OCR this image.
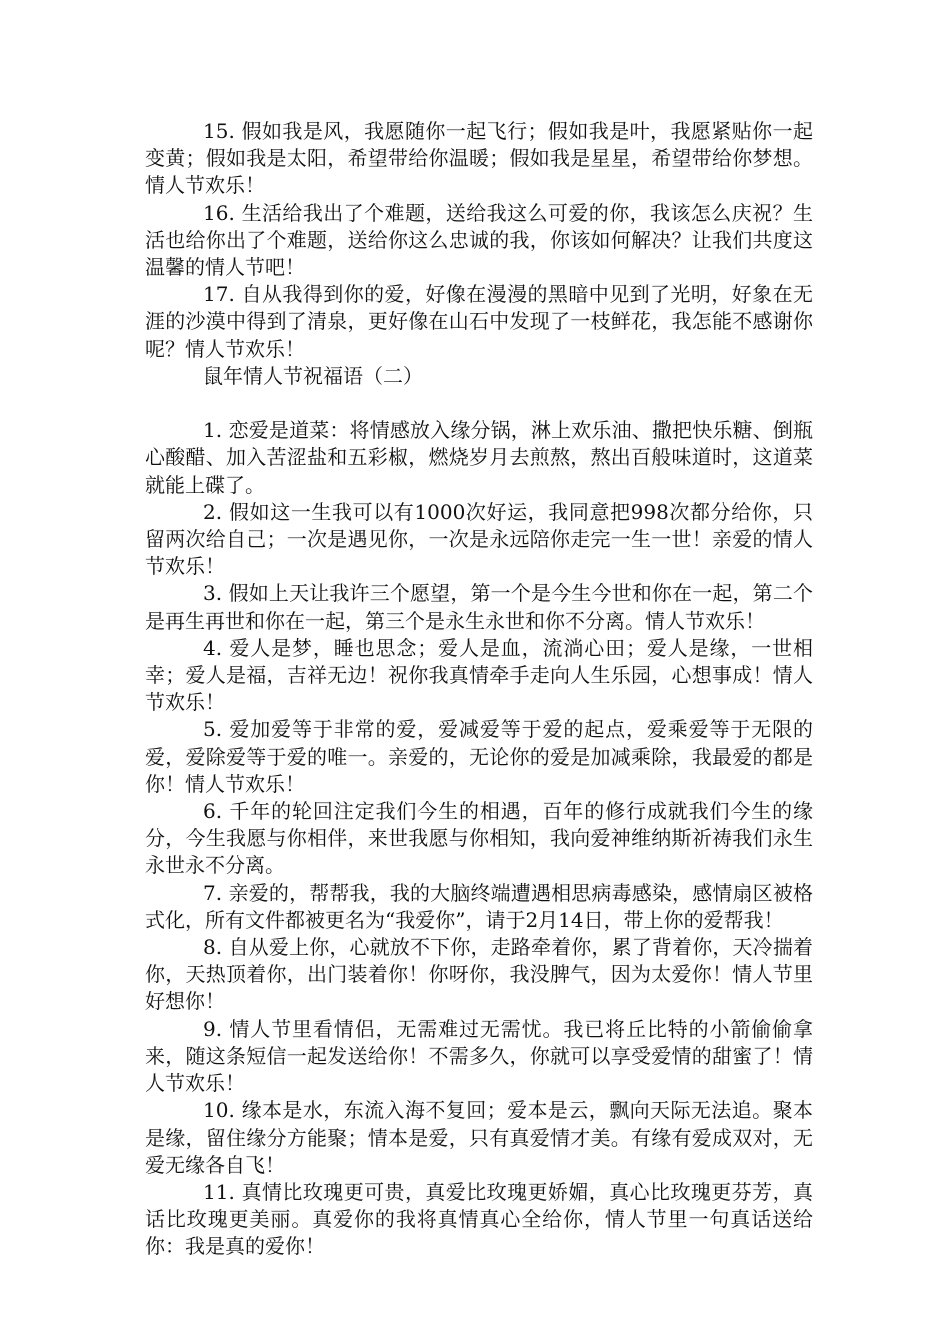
15. 假如我是风，我愿随你一起飞行；假如我是叶，我愿紧贴你一起变黄；假如我是太阳，希望带给你温暖；假如我是星星，希望带给你梦想。情人节欢乐！

16. 生活给我出了个难题，送给我这么可爱的你，我该怎么庆祝？生活也给你出了个难题，送给你这么忠诚的我，你该如何解决？让我们共度这温馨的情人节吧！

17. 自从我得到你的爱，好像在漫漫的黑暗中见到了光明，好象在无涯的沙漠中得到了清泉，更好像在山石中发现了一枝鲜花，我怎能不感谢你呢？情人节欢乐！

鼠年情人节祝福语（二）

1. 恋爱是道菜：将情感放入缘分锅，淋上欢乐油、撒把快乐糖、倒瓶心酸醋、加入苦涩盐和五彩椒，燃烧岁月去煎熬，熬出百般味道时，这道菜就能上碟了。

2. 假如这一生我可以有1000次好运，我同意把998次都分给你，只留两次给自己；一次是遇见你，一次是永远陪你走完一生一世！亲爱的情人节欢乐！

3. 假如上天让我许三个愿望，第一个是今生今世和你在一起，第二个是再生再世和你在一起，第三个是永生永世和你不分离。情人节欢乐！

4. 爱人是梦，睡也思念；爱人是血，流淌心田；爱人是缘，一世相幸；爱人是福，吉祥无边！祝你我真情牵手走向人生乐园，心想事成！情人节欢乐！

5. 爱加爱等于非常的爱，爱减爱等于爱的起点，爱乘爱等于无限的爱，爱除爱等于爱的唯一。亲爱的，无论你的爱是加减乘除，我最爱的都是你！情人节欢乐！

6. 千年的轮回注定我们今生的相遇，百年的修行成就我们今生的缘分，今生我愿与你相伴，来世我愿与你相知，我向爱神维纳斯祈祷我们永生永世永不分离。

7. 亲爱的，帮帮我，我的大脑终端遭遇相思病毒感染，感情扇区被格式化，所有文件都被更名为“我爱你”，请于2月14日，带上你的爱帮我！

8. 自从爱上你，心就放不下你，走路牵着你，累了背着你，天冷揣着你，天热顶着你，出门装着你！你呀你，我没脾气，因为太爱你！情人节里好想你！

9. 情人节里看情侣，无需难过无需忧。我已将丘比特的小箭偷偷拿来，随这条短信一起发送给你！不需多久，你就可以享受爱情的甜蜜了！情人节欢乐！

10. 缘本是水，东流入海不复回；爱本是云，飘向天际无法追。聚本是缘，留住缘分方能聚；情本是爱，只有真爱情才美。有缘有爱成双对，无爱无缘各自飞！

11. 真情比玫瑰更可贵，真爱比玫瑰更娇媚，真心比玫瑰更芬芳，真话比玫瑰更美丽。真爱你的我将真情真心全给你，情人节里一句真话送给你：我是真的爱你！
